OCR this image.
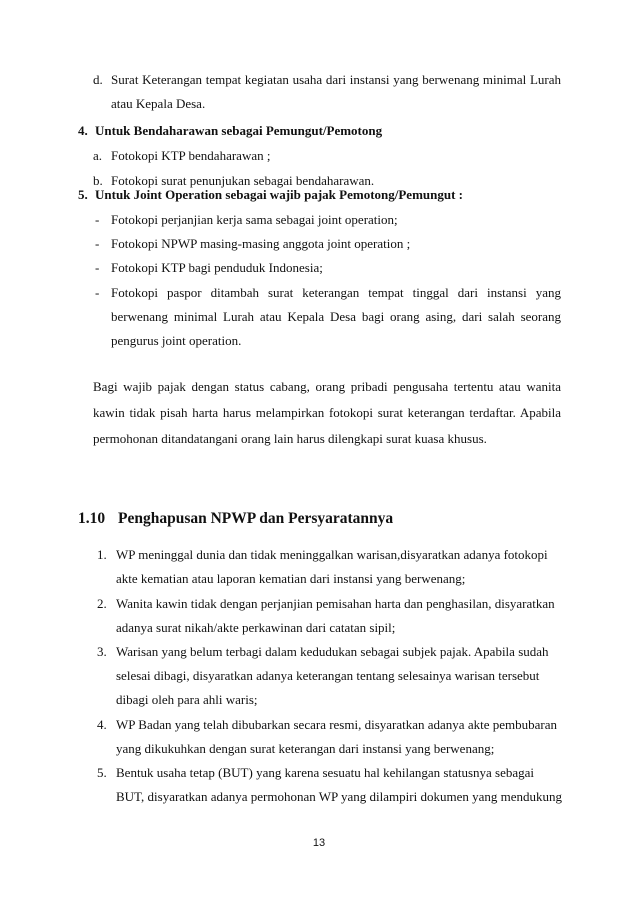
d. Surat Keterangan tempat kegiatan usaha dari instansi yang berwenang minimal Lurah
atau Kepala Desa.
4. Untuk Bendaharawan sebagai Pemungut/Pemotong
a. Fotokopi KTP bendaharawan ;
b. Fotokopi surat penunjukan sebagai bendaharawan.
5. Untuk Joint Operation sebagai wajib pajak Pemotong/Pemungut :
- Fotokopi perjanjian kerja sama sebagai joint operation;
- Fotokopi NPWP masing-masing anggota joint operation ;
- Fotokopi KTP bagi penduduk Indonesia;
- Fotokopi paspor ditambah surat keterangan tempat tinggal dari instansi yang
berwenang minimal Lurah atau Kepala Desa bagi orang asing, dari salah seorang
pengurus joint operation.
Bagi wajib pajak dengan status cabang, orang pribadi pengusaha tertentu atau wanita
kawin tidak pisah harta harus melampirkan fotokopi surat keterangan terdaftar. Apabila
permohonan ditandatangani orang lain harus dilengkapi surat kuasa khusus.
1.10 Penghapusan NPWP dan Persyaratannya
1. WP meninggal dunia dan tidak meninggalkan warisan,disyaratkan adanya fotokopi
akte kematian atau laporan kematian dari instansi yang berwenang;
2. Wanita kawin tidak dengan perjanjian pemisahan harta dan penghasilan, disyaratkan
adanya surat nikah/akte perkawinan dari catatan sipil;
3. Warisan yang belum terbagi dalam kedudukan sebagai subjek pajak. Apabila sudah
selesai dibagi, disyaratkan adanya keterangan tentang selesainya warisan tersebut
dibagi oleh para ahli waris;
4. WP Badan yang telah dibubarkan secara resmi, disyaratkan adanya akte pembubaran
yang dikukuhkan dengan surat keterangan dari instansi yang berwenang;
5. Bentuk usaha tetap (BUT) yang karena sesuatu hal kehilangan statusnya sebagai
BUT, disyaratkan adanya permohonan WP yang dilampiri dokumen yang mendukung
13
